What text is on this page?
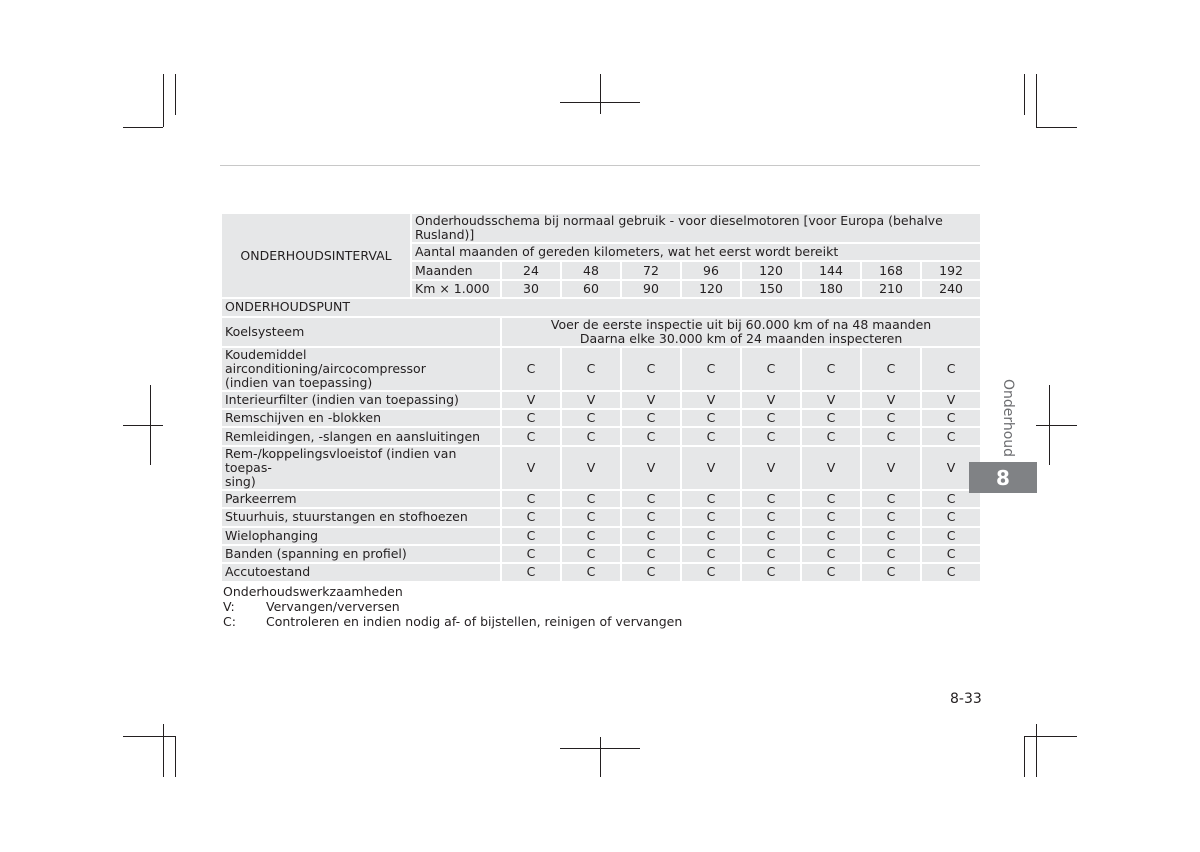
ONDERHOUDSINTERVAL	Onderhoudsschema bij normaal gebruik - voor dieselmotoren [voor Europa (behalve Rusland)]								
	Aantal maanden of gereden kilometers, wat het eerst wordt bereikt								
	Maanden	24	48	72	96	120	144	168	192
	Km × 1.000	30	60	90	120	150	180	210	240
ONDERHOUDSPUNT									
Koelsysteem		Voer de eerste inspectie uit bij 60.000 km of na 48 maanden
Daarna elke 30.000 km of 24 maanden inspecteren							

Koudemiddel airconditioning/aircocompressor
(indien van toepassing)		C	C	C	C	C	C	C	C
Interieurfilter (indien van toepassing)		V	V	V	V	V	V	V	V
Remschijven en -blokken		C	C	C	C	C	C	C	C
Remleidingen, -slangen en aansluitingen		C	C	C	C	C	C	C	C

Rem-/koppelingsvloeistof (indien van toepas-
sing)		V	V	V	V	V	V	V	V
Parkeerrem		C	C	C	C	C	C	C	C
Stuurhuis, stuurstangen en stofhoezen		C	C	C	C	C	C	C	C
Wielophanging		C	C	C	C	C	C	C	C
Banden (spanning en profiel)		C	C	C	C	C	C	C	C
Accutoestand		C	C	C	C	C	C	C	C
Onderhoudswerkzaamheden
V:	Vervangen/verversen
C:	Controleren en indien nodig af- of bijstellen, reinigen of vervangen
Onderhoud
8
8-33
